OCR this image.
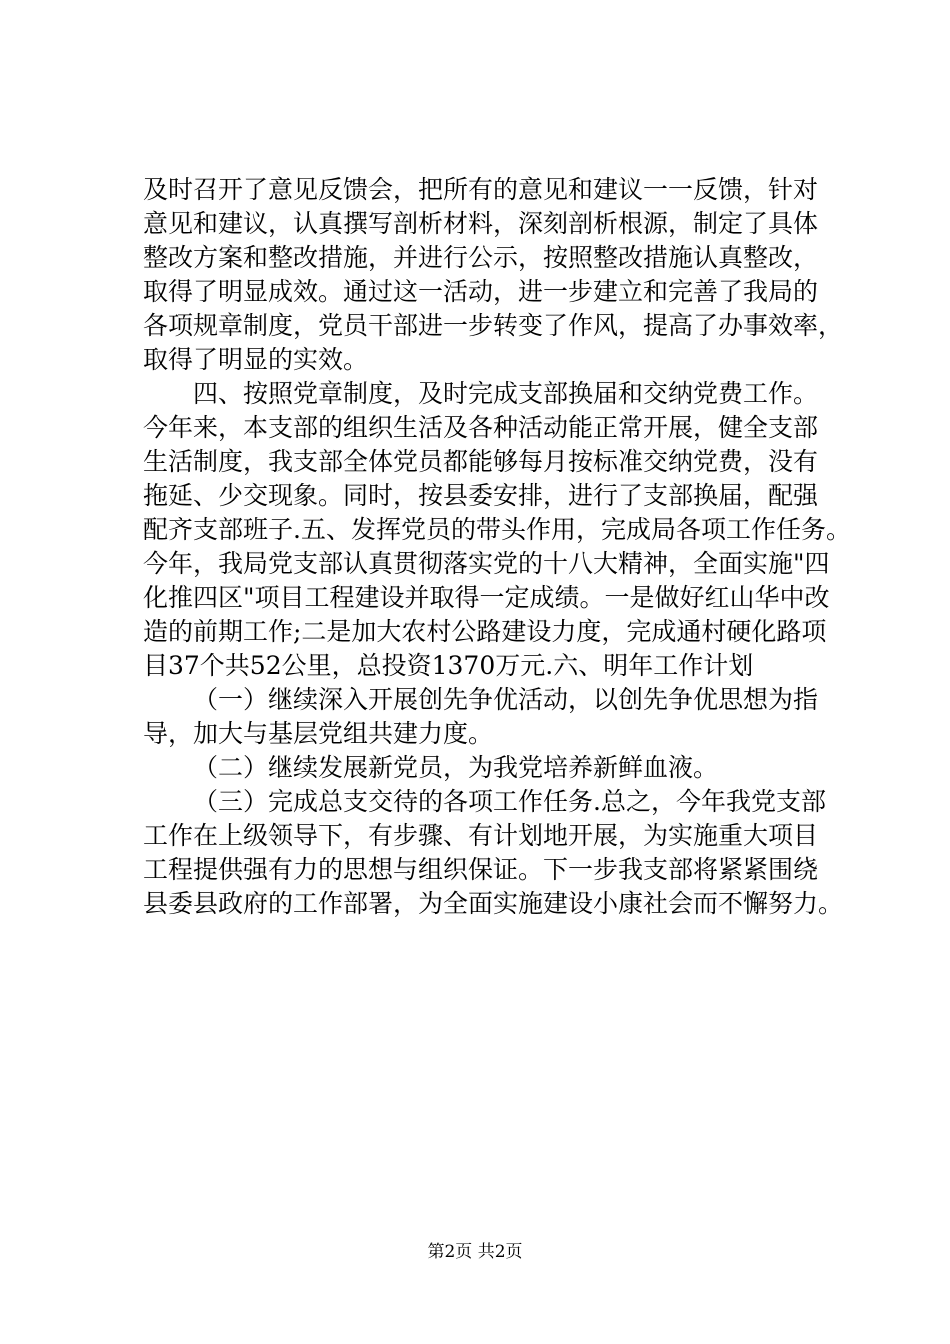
及时召开了意见反馈会，把所有的意见和建议一一反馈，针对
意见和建议，认真撰写剖析材料，深刻剖析根源，制定了具体
整改方案和整改措施，并进行公示，按照整改措施认真整改，
取得了明显成效。通过这一活动，进一步建立和完善了我局的
各项规章制度，党员干部进一步转变了作风，提高了办事效率，
取得了明显的实效。
四、按照党章制度，及时完成支部换届和交纳党费工作。
今年来，本支部的组织生活及各种活动能正常开展，健全支部
生活制度，我支部全体党员都能够每月按标准交纳党费，没有
拖延、少交现象。同时，按县委安排，进行了支部换届，配强
配齐支部班子.五、发挥党员的带头作用，完成局各项工作任务。
今年，我局党支部认真贯彻落实党的十八大精神，全面实施"四
化推四区"项目工程建设并取得一定成绩。一是做好红山华中改
造的前期工作;二是加大农村公路建设力度，完成通村硬化路项
目37个共52公里，总投资1370万元.六、明年工作计划
（一）继续深入开展创先争优活动，以创先争优思想为指
导，加大与基层党组共建力度。
（二）继续发展新党员，为我党培养新鲜血液。
（三）完成总支交待的各项工作任务.总之，今年我党支部
工作在上级领导下，有步骤、有计划地开展，为实施重大项目
工程提供强有力的思想与组织保证。下一步我支部将紧紧围绕
县委县政府的工作部署，为全面实施建设小康社会而不懈努力。
第2页 共2页
